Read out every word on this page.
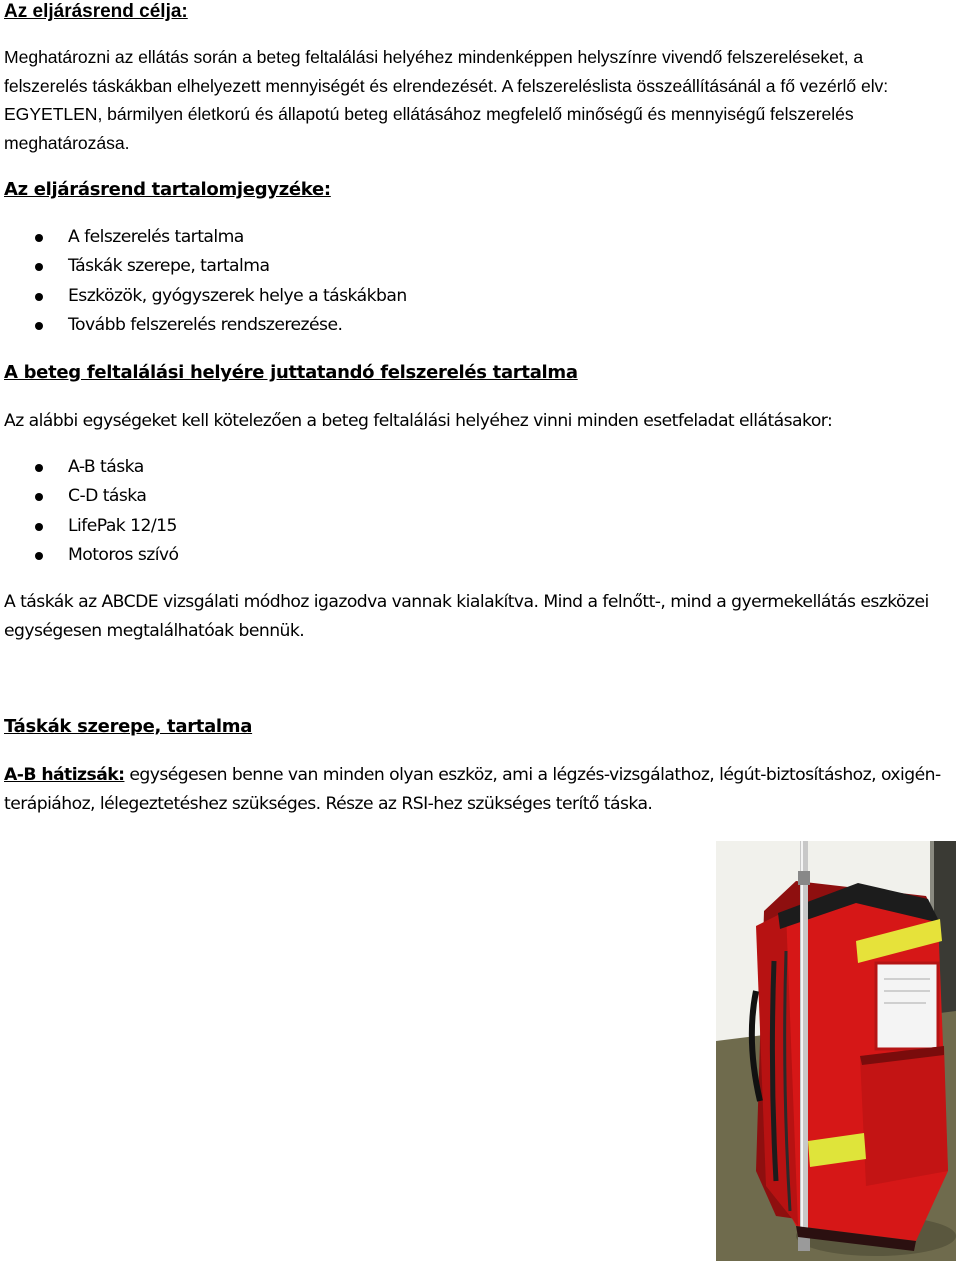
Az eljárásrend célja:

Meghatározni az ellátás során a beteg feltalálási helyéhez mindenképpen helyszínre vivendő felszereléseket, a felszerelés táskákban elhelyezett mennyiségét és elrendezését. A felszereléslista összeállításánál a fő vezérlő elv: EGYETLEN, bármilyen életkorú és állapotú beteg ellátásához megfelelő minőségű és mennyiségű felszerelés meghatározása.

Az eljárásrend tartalomjegyzéke:
A felszerelés tartalma
Táskák szerepe, tartalma
Eszközök, gyógyszerek helye a táskákban
Tovább felszerelés rendszerezése.
A beteg feltalálási helyére juttatandó felszerelés tartalma

Az alábbi egységeket kell kötelezően a beteg feltalálási helyéhez vinni minden esetfeladat ellátásakor:

A-B táska
C-D táska
LifePak 12/15
Motoros szívó

A táskák az ABCDE vizsgálati módhoz igazodva vannak kialakítva. Mind a felnőtt-, mind a gyermekellátás eszközei egységesen megtalálhatóak bennük.

Táskák szerepe, tartalma

A-B hátizsák: egységesen benne van minden olyan eszköz, ami a légzés-vizsgálathoz, légút-biztosításhoz, oxigén-terápiához, lélegeztetéshez szükséges. Része az RSI-hez szükséges terítő táska.
